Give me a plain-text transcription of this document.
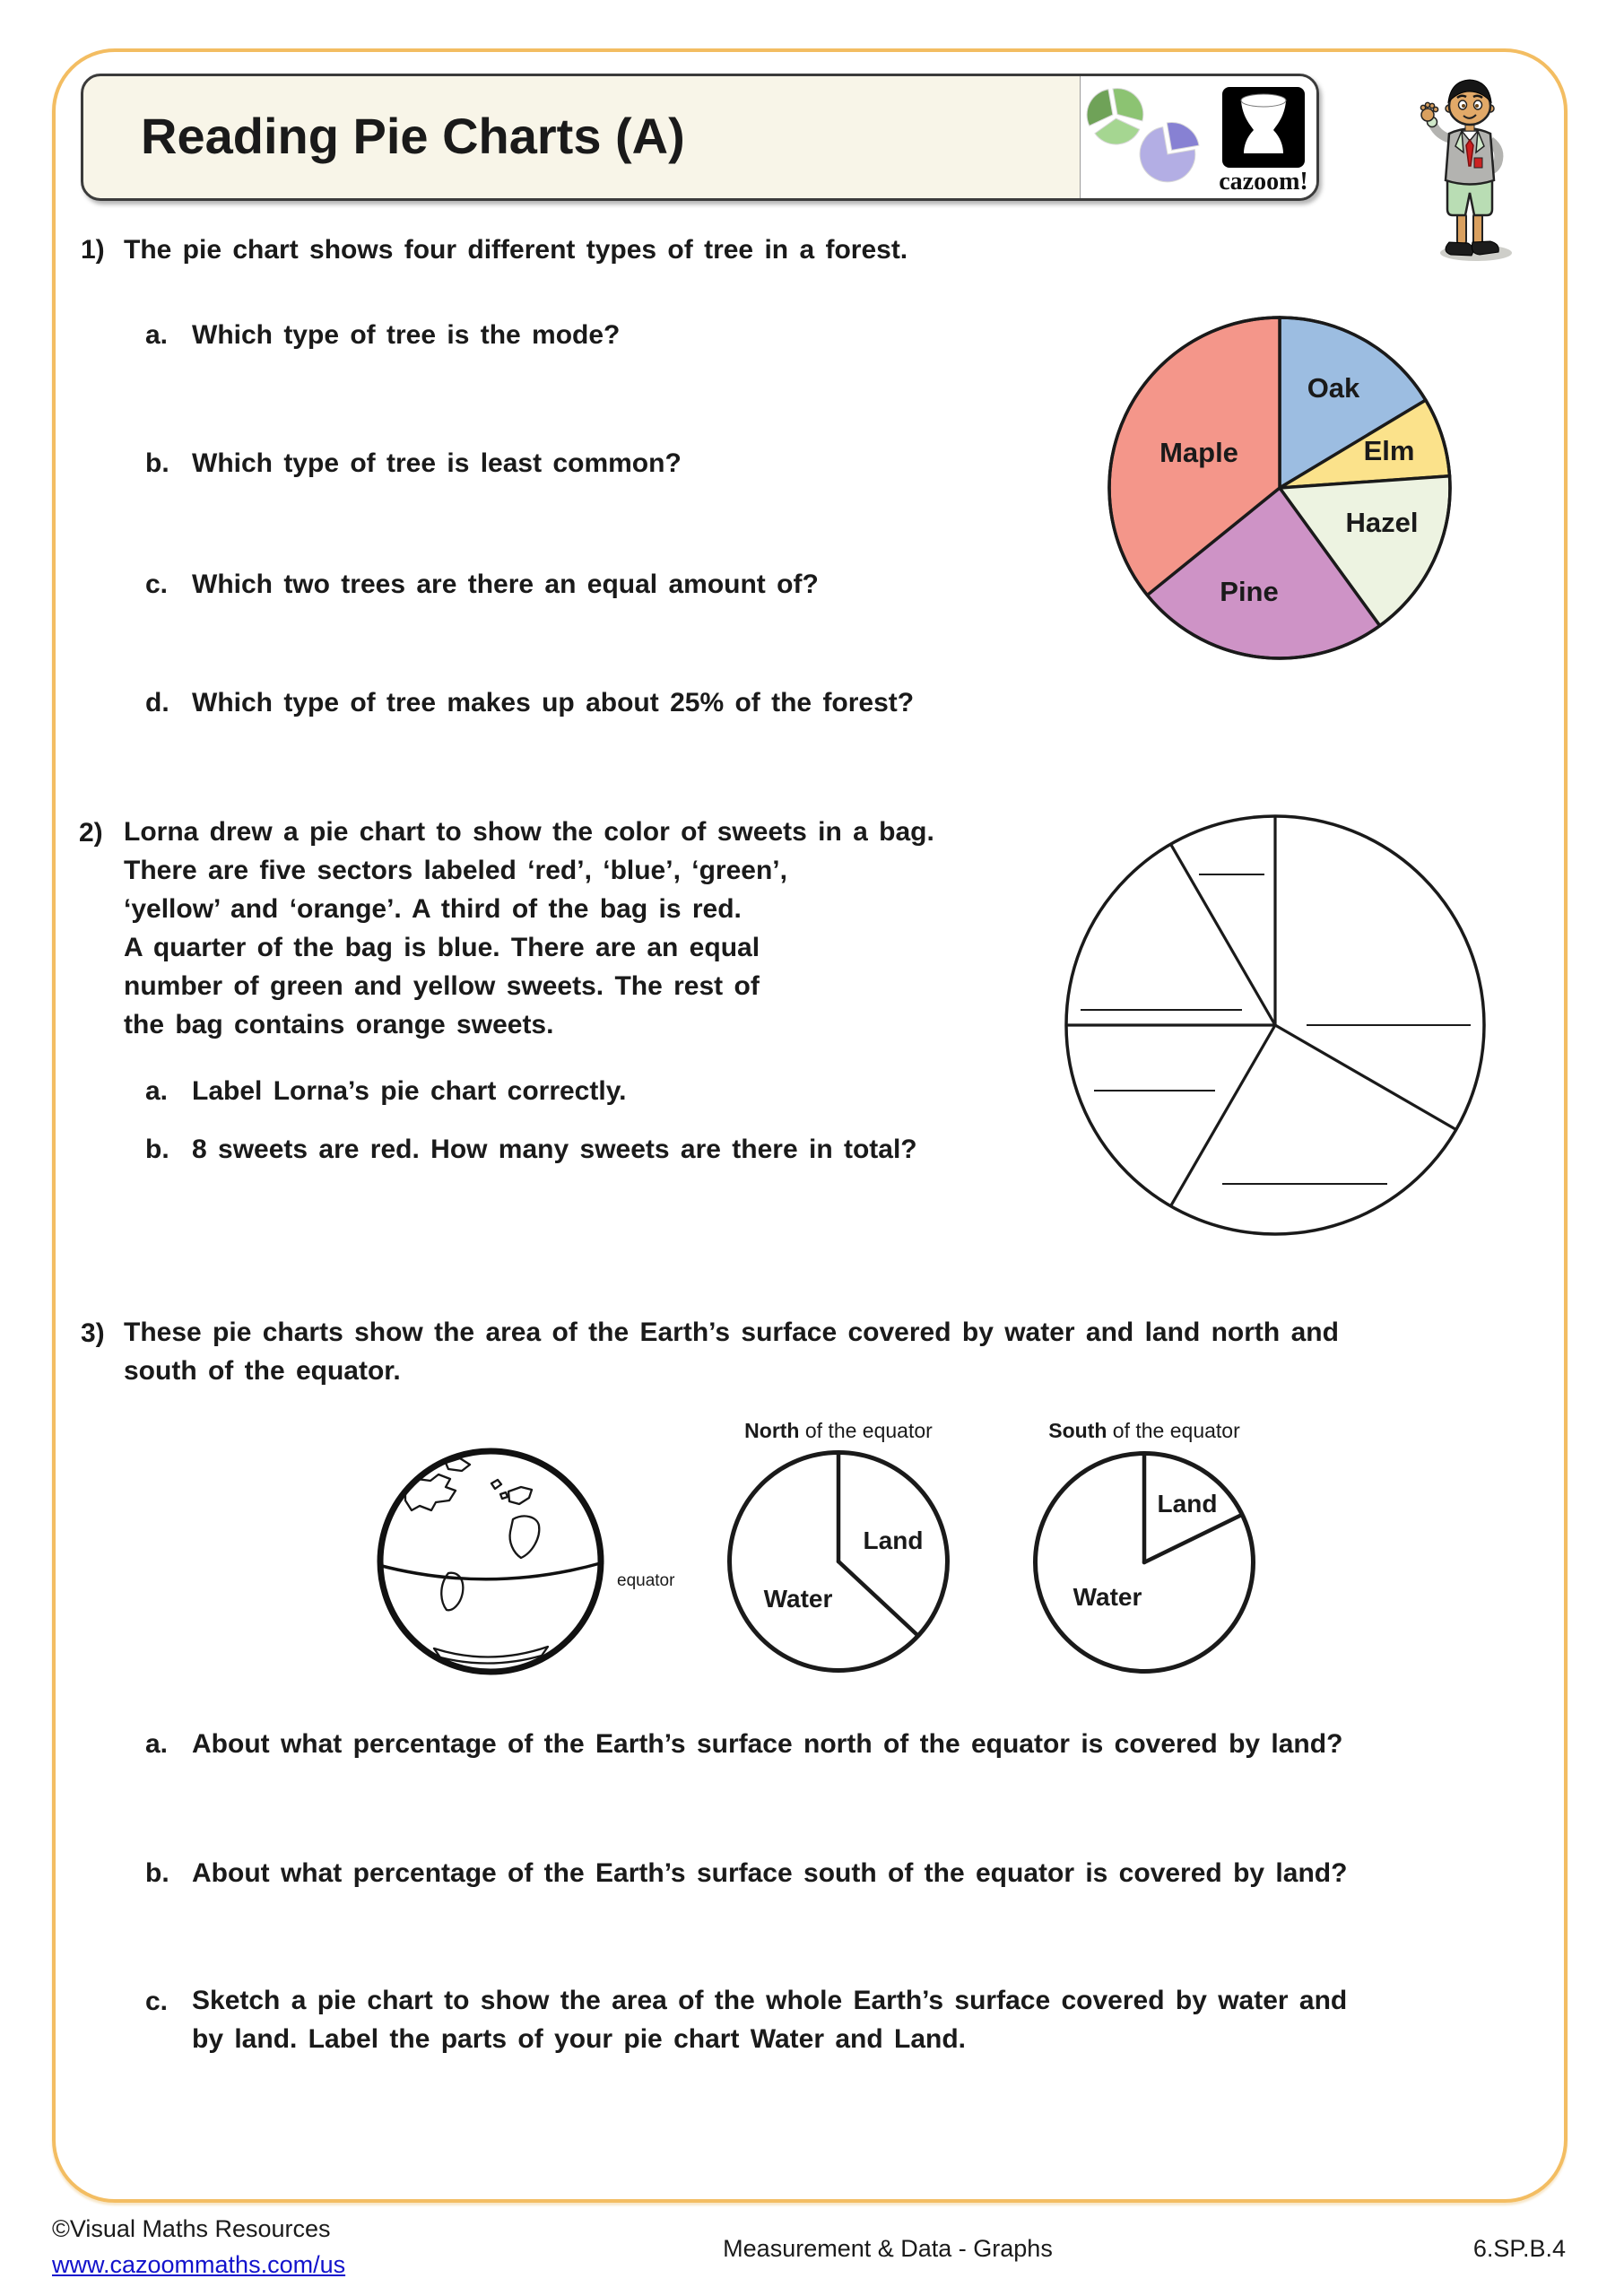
Reading Pie Charts (A)
cazoom!
1) The pie chart shows four different types of tree in a forest.
a. Which type of tree is the mode?
b. Which type of tree is least common?
c. Which two trees are there an equal amount of?
d. Which type of tree makes up about 25% of the forest?
Oak
Elm
Hazel
Pine
Maple
2) Lorna drew a pie chart to show the color of sweets in a bag.
There are five sectors labeled ‘red’, ‘blue’, ‘green’,
‘yellow’ and ‘orange’. A third of the bag is red.
A quarter of the bag is blue. There are an equal
number of green and yellow sweets. The rest of
the bag contains orange sweets.
a. Label Lorna’s pie chart correctly.
b. 8 sweets are red. How many sweets are there in total?
3) These pie charts show the area of the Earth’s surface covered by water and land north and
south of the equator.
equator
North of the equator	South of the equator
Land
Water
Land
Water
a. About what percentage of the Earth’s surface north of the equator is covered by land?
b. About what percentage of the Earth’s surface south of the equator is covered by land?
c. Sketch a pie chart to show the area of the whole Earth’s surface covered by water and
by land. Label the parts of your pie chart Water and Land.
©Visual Maths Resources
www.cazoommaths.com/us
Measurement & Data - Graphs	6.SP.B.4
